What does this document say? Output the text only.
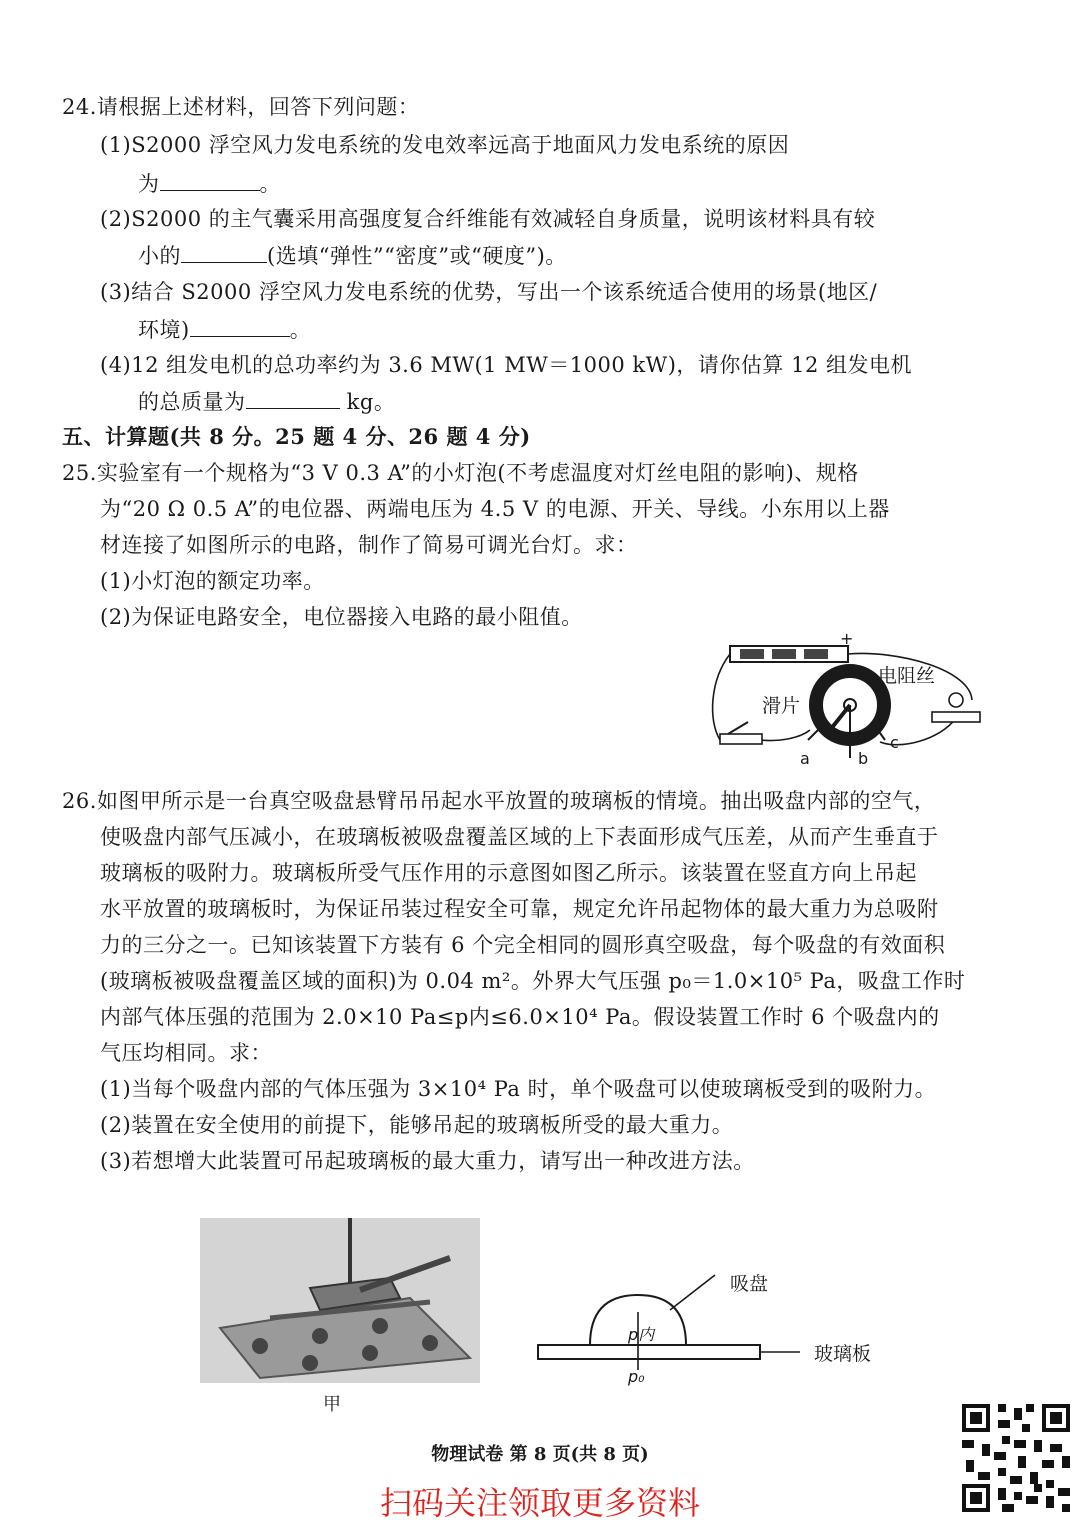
24.请根据上述材料，回答下列问题：
(1)S2000 浮空风力发电系统的发电效率远高于地面风力发电系统的原因
为	。
(2)S2000 的主气囊采用高强度复合纤维能有效减轻自身质量，说明该材料具有较
小的	(选填“弹性”“密度”或“硬度”)。
(3)结合 S2000 浮空风力发电系统的优势，写出一个该系统适合使用的场景(地区/
环境)	。
(4)12 组发电机的总功率约为 3.6 MW(1 MW＝1000 kW)，请你估算 12 组发电机
的总质量为	kg。
五、计算题(共 8 分。25 题 4 分、26 题 4 分)
25.实验室有一个规格为“3 V 0.3 A”的小灯泡(不考虑温度对灯丝电阻的影响)、规格
为“20 Ω 0.5 A”的电位器、两端电压为 4.5 V 的电源、开关、导线。小东用以上器
材连接了如图所示的电路，制作了简易可调光台灯。求：
(1)小灯泡的额定功率。
(2)为保证电路安全，电位器接入电路的最小阻值。
+
电阻丝
滑片
a	b
c
26.如图甲所示是一台真空吸盘悬臂吊吊起水平放置的玻璃板的情境。抽出吸盘内部的空气，
使吸盘内部气压减小，在玻璃板被吸盘覆盖区域的上下表面形成气压差，从而产生垂直于
玻璃板的吸附力。玻璃板所受气压作用的示意图如图乙所示。该装置在竖直方向上吊起
水平放置的玻璃板时，为保证吊装过程安全可靠，规定允许吊起物体的最大重力为总吸附
力的三分之一。已知该装置下方装有 6 个完全相同的圆形真空吸盘，每个吸盘的有效面积
(玻璃板被吸盘覆盖区域的面积)为 0.04 m²。外界大气压强 p₀＝1.0×10⁵ Pa，吸盘工作时
内部气体压强的范围为 2.0×10 Pa≤p内≤6.0×10⁴ Pa。假设装置工作时 6 个吸盘内的
气压均相同。求：
(1)当每个吸盘内部的气体压强为 3×10⁴ Pa 时，单个吸盘可以使玻璃板受到的吸附力。
(2)装置在安全使用的前提下，能够吊起的玻璃板所受的最大重力。
(3)若想增大此装置可吊起玻璃板的最大重力，请写出一种改进方法。
甲
吸盘
玻璃板
p内
p₀
物理试卷 第 8 页(共 8 页)
扫码关注领取更多资料
